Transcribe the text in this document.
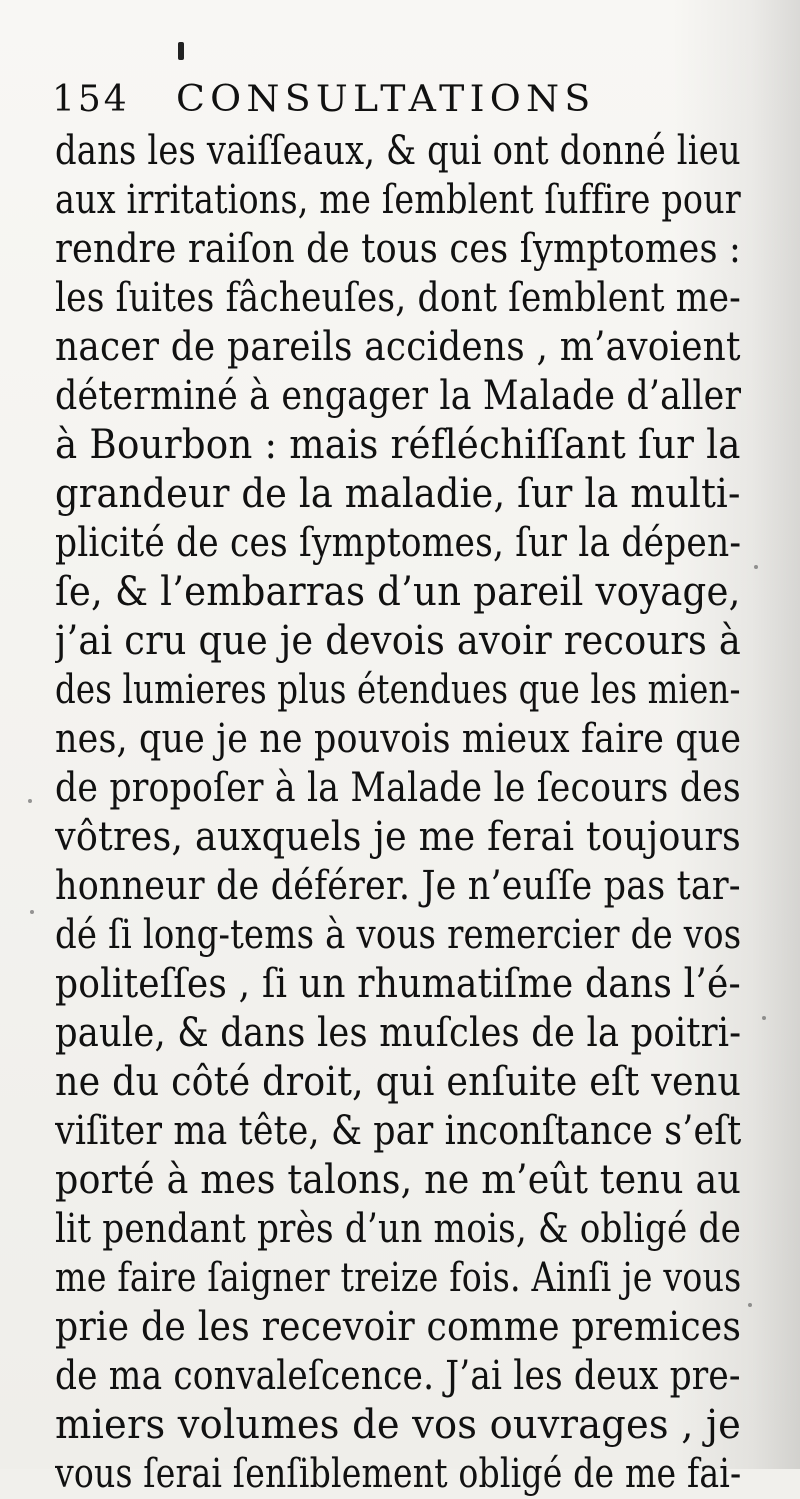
154 CONSULTATIONS
dans les vaiſſeaux, & qui ont donné lieu
aux irritations, me ſemblent ſuffire pour
rendre raiſon de tous ces ſymptomes :
les ſuites fâcheuſes, dont ſemblent me-
nacer de pareils accidens , m’avoient
déterminé à engager la Malade d’aller
à Bourbon : mais réfléchiſſant ſur la
grandeur de la maladie, ſur la multi-
plicité de ces ſymptomes, ſur la dépen-
ſe, & l’embarras d’un pareil voyage,
j’ai cru que je devois avoir recours à
des lumieres plus étendues que les mien-
nes, que je ne pouvois mieux faire que
de propoſer à la Malade le ſecours des
vôtres, auxquels je me ferai toujours
honneur de déférer. Je n’euſſe pas tar-
dé ſi long-tems à vous remercier de vos
politeſſes , ſi un rhumatiſme dans l’é-
paule, & dans les muſcles de la poitri-
ne du côté droit, qui enſuite eſt venu
viſiter ma tête, & par inconſtance s’eſt
porté à mes talons, ne m’eût tenu au
lit pendant près d’un mois, & obligé de
me faire ſaigner treize fois. Ainſi je vous
prie de les recevoir comme premices
de ma convaleſcence. J’ai les deux pre-
miers volumes de vos ouvrages , je
vous ſerai ſenſiblement obligé de me fai-
